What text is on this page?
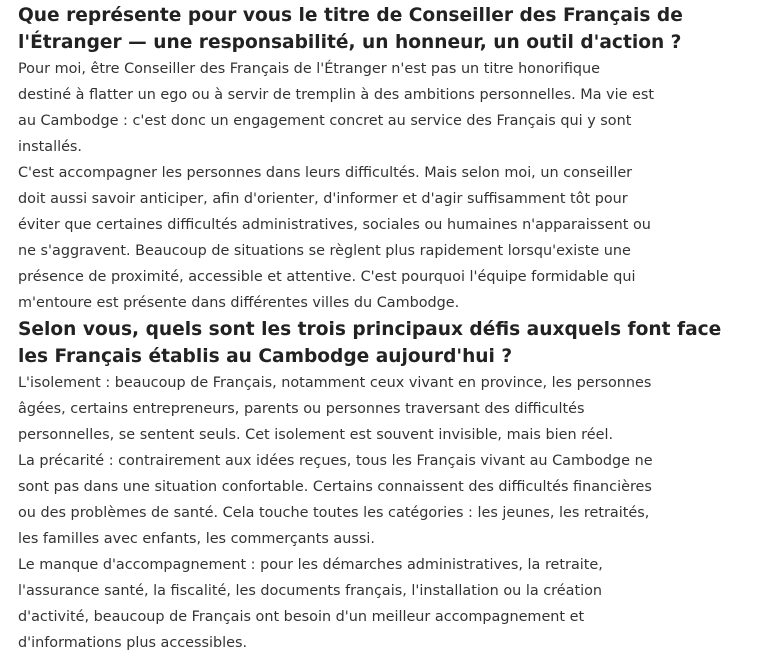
Que représente pour vous le titre de Conseiller des Français de
l'Étranger — une responsabilité, un honneur, un outil d'action ?

Pour moi, être Conseiller des Français de l'Étranger n'est pas un titre honorifique
destiné à flatter un ego ou à servir de tremplin à des ambitions personnelles. Ma vie est
au Cambodge : c'est donc un engagement concret au service des Français qui y sont
installés.

C'est accompagner les personnes dans leurs difficultés. Mais selon moi, un conseiller
doit aussi savoir anticiper, afin d'orienter, d'informer et d'agir suffisamment tôt pour
éviter que certaines difficultés administratives, sociales ou humaines n'apparaissent ou
ne s'aggravent. Beaucoup de situations se règlent plus rapidement lorsqu'existe une
présence de proximité, accessible et attentive. C'est pourquoi l'équipe formidable qui
m'entoure est présente dans différentes villes du Cambodge.

Selon vous, quels sont les trois principaux défis auxquels font face
les Français établis au Cambodge aujourd'hui ?

L'isolement : beaucoup de Français, notamment ceux vivant en province, les personnes
âgées, certains entrepreneurs, parents ou personnes traversant des difficultés
personnelles, se sentent seuls. Cet isolement est souvent invisible, mais bien réel.

La précarité : contrairement aux idées reçues, tous les Français vivant au Cambodge ne
sont pas dans une situation confortable. Certains connaissent des difficultés financières
ou des problèmes de santé. Cela touche toutes les catégories : les jeunes, les retraités,
les familles avec enfants, les commerçants aussi.

Le manque d'accompagnement : pour les démarches administratives, la retraite,
l'assurance santé, la fiscalité, les documents français, l'installation ou la création
d'activité, beaucoup de Français ont besoin d'un meilleur accompagnement et
d'informations plus accessibles.
